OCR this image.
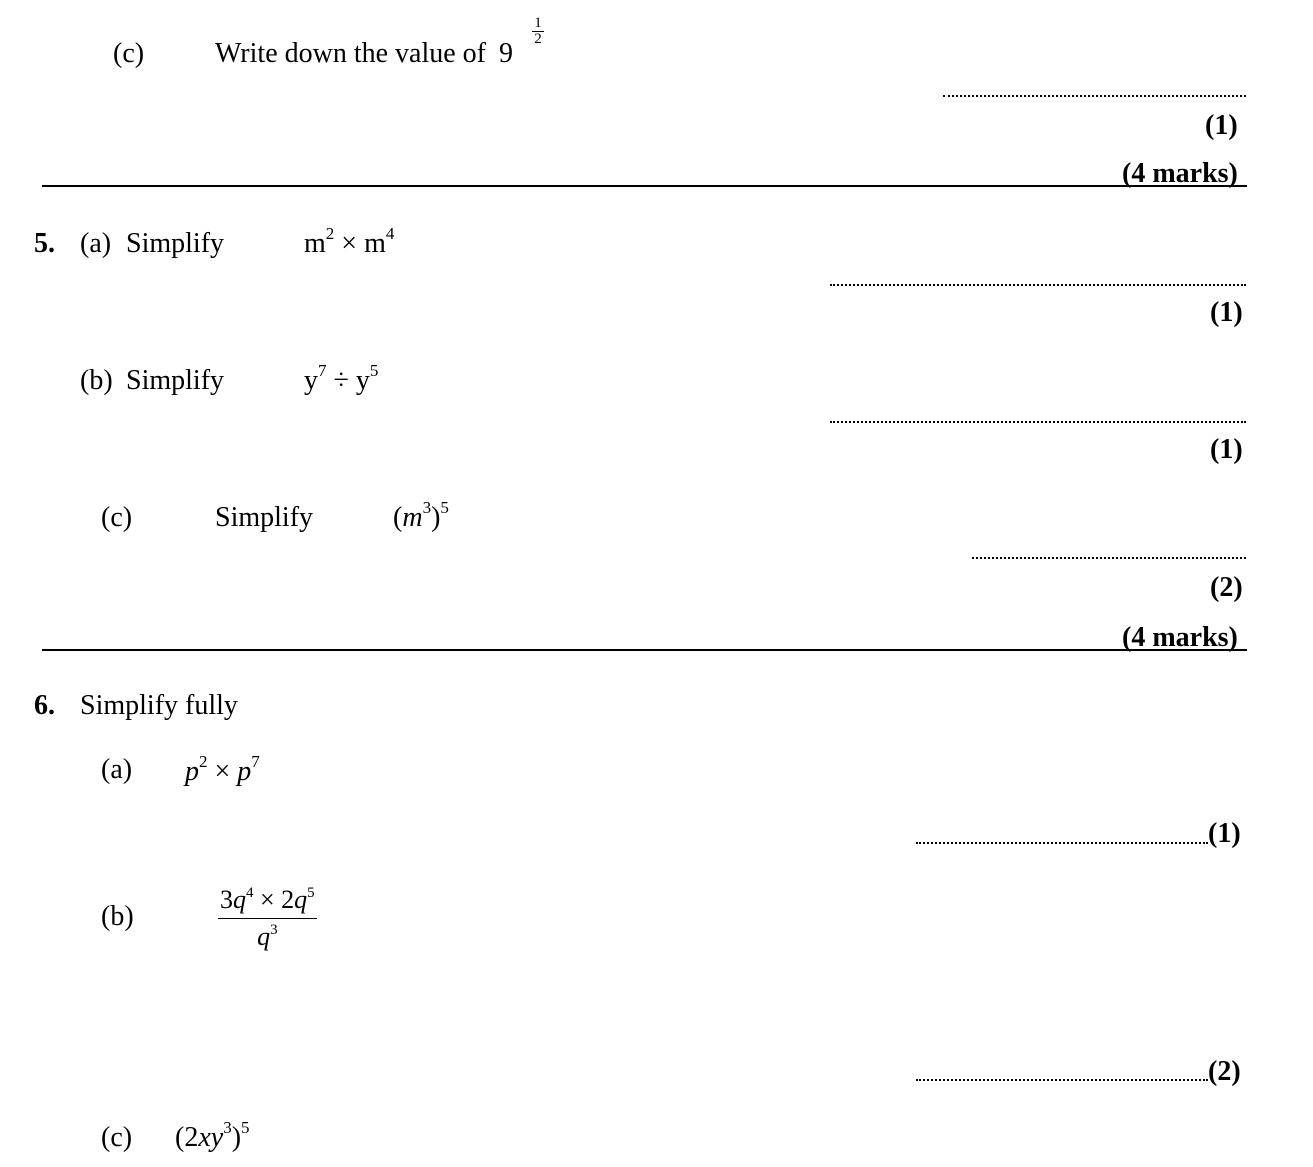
(c)	Write down the value of 9
$\frac{1}{2}$
(1)
(4 marks)
5. (a) Simplify	$m^2 \times m^4$
(1)
(b) Simplify	$y^7 \div y^5$
(1)
(c)	Simplify	$(m^3)^5$
(2)
(4 marks)
6. Simplify fully
(a) $p^2 \times p^7$
(1)
(b)	$\frac{3q^4 \times 2q^5}{q^3}$
(2)
(c) $(2xy^3)^5$
